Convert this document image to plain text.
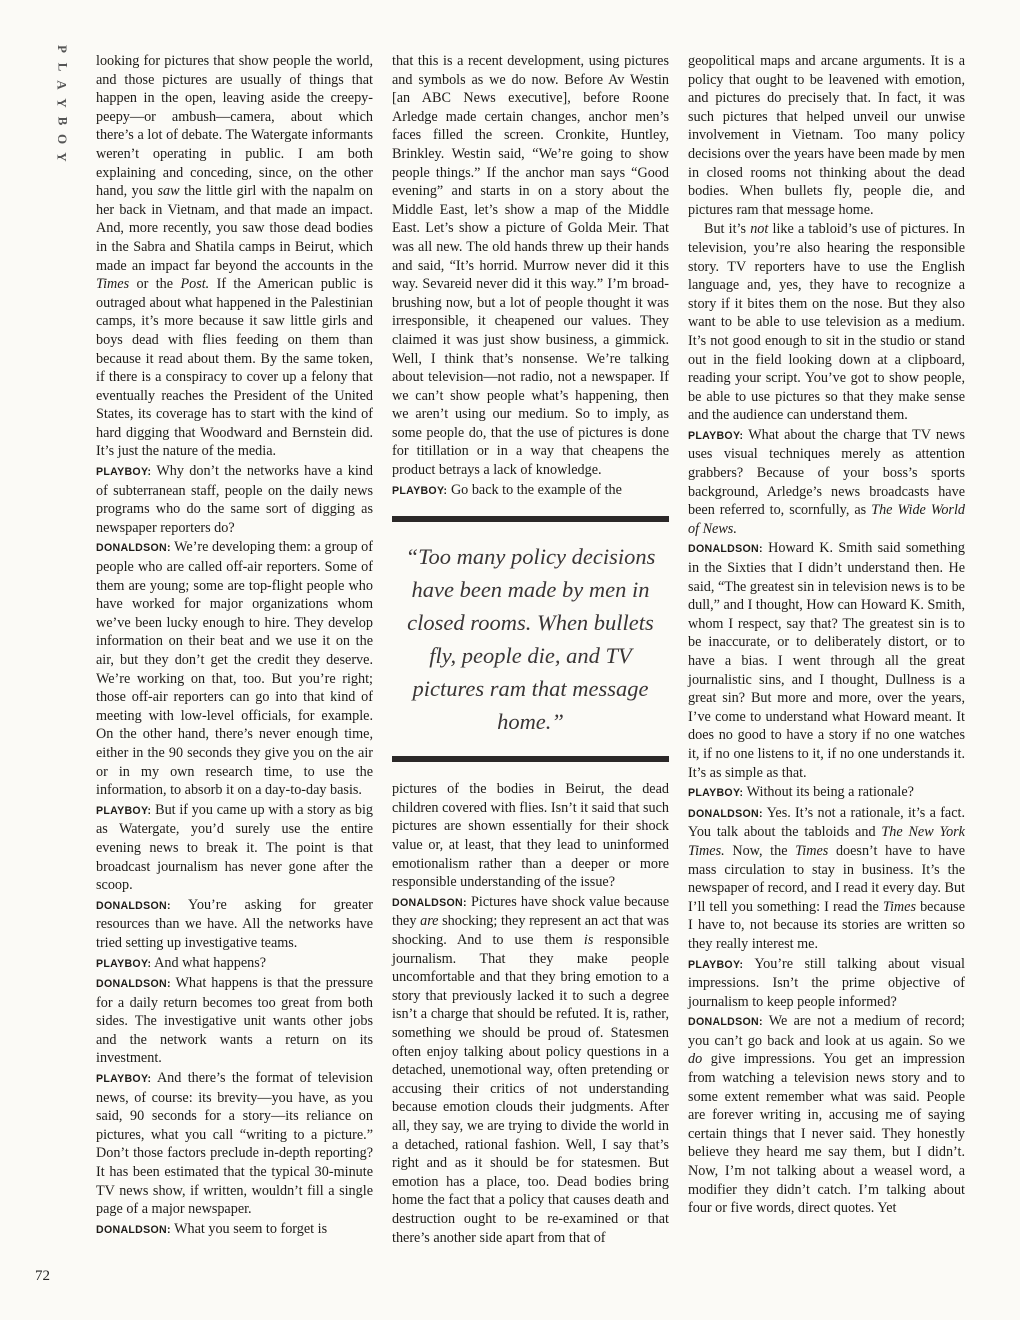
P
L
A
Y
B
O
Y
72

looking for pictures that show people the world, and those pictures are usually of things that happen in the open, leaving aside the creepy-peepy—or ambush—camera, about which there’s a lot of debate. The Watergate informants weren’t operating in public. I am both explaining and conceding, since, on the other hand, you saw the little girl with the napalm on her back in Vietnam, and that made an impact. And, more recently, you saw those dead bodies in the Sabra and Shatila camps in Beirut, which made an impact far beyond the accounts in the Times or the Post. If the American public is outraged about what happened in the Palestinian camps, it’s more because it saw little girls and boys dead with flies feeding on them than because it read about them. By the same token, if there is a conspiracy to cover up a felony that eventually reaches the President of the United States, its coverage has to start with the kind of hard digging that Woodward and Bernstein did. It’s just the nature of the media.

PLAYBOY: Why don’t the networks have a kind of subterranean staff, people on the daily news programs who do the same sort of digging as newspaper reporters do?

DONALDSON: We’re developing them: a group of people who are called off-air reporters. Some of them are young; some are top-flight people who have worked for major organizations whom we’ve been lucky enough to hire. They develop information on their beat and we use it on the air, but they don’t get the credit they deserve. We’re working on that, too. But you’re right; those off-air reporters can go into that kind of meeting with low-level officials, for example. On the other hand, there’s never enough time, either in the 90 seconds they give you on the air or in my own research time, to use the information, to absorb it on a day-to-day basis.

PLAYBOY: But if you came up with a story as big as Watergate, you’d surely use the entire evening news to break it. The point is that broadcast journalism has never gone after the scoop.

DONALDSON: You’re asking for greater resources than we have. All the networks have tried setting up investigative teams.

PLAYBOY: And what happens?

DONALDSON: What happens is that the pressure for a daily return becomes too great from both sides. The investigative unit wants other jobs and the network wants a return on its investment.

PLAYBOY: And there’s the format of television news, of course: its brevity—you have, as you said, 90 seconds for a story—its reliance on pictures, what you call “writing to a picture.” Don’t those factors preclude in-depth reporting? It has been estimated that the typical 30-minute TV news show, if written, wouldn’t fill a single page of a major newspaper.

DONALDSON: What you seem to forget is

that this is a recent development, using pictures and symbols as we do now. Before Av Westin [an ABC News executive], before Roone Arledge made certain changes, anchor men’s faces filled the screen. Cronkite, Huntley, Brinkley. Westin said, “We’re going to show people things.” If the anchor man says “Good evening” and starts in on a story about the Middle East, let’s show a map of the Middle East. Let’s show a picture of Golda Meir. That was all new. The old hands threw up their hands and said, “It’s horrid. Murrow never did it this way. Sevareid never did it this way.” I’m broad-brushing now, but a lot of people thought it was irresponsible, it cheapened our values. They claimed it was just show business, a gimmick. Well, I think that’s nonsense. We’re talking about television—not radio, not a newspaper. If we can’t show people what’s happening, then we aren’t using our medium. So to imply, as some people do, that the use of pictures is done for titillation or in a way that cheapens the product betrays a lack of knowledge.

PLAYBOY: Go back to the example of the

“Too many policy decisions have been made by men in closed rooms. When bullets fly, people die, and TV pictures ram that message home.”

pictures of the bodies in Beirut, the dead children covered with flies. Isn’t it said that such pictures are shown essentially for their shock value or, at least, that they lead to uninformed emotionalism rather than a deeper or more responsible understanding of the issue?

DONALDSON: Pictures have shock value because they are shocking; they represent an act that was shocking. And to use them is responsible journalism. That they make people uncomfortable and that they bring emotion to a story that previously lacked it to such a degree isn’t a charge that should be refuted. It is, rather, something we should be proud of. Statesmen often enjoy talking about policy questions in a detached, unemotional way, often pretending or accusing their critics of not understanding because emotion clouds their judgments. After all, they say, we are trying to divide the world in a detached, rational fashion. Well, I say that’s right and as it should be for statesmen. But emotion has a place, too. Dead bodies bring home the fact that a policy that causes death and destruction ought to be re-examined or that there’s another side apart from that of

geopolitical maps and arcane arguments. It is a policy that ought to be leavened with emotion, and pictures do precisely that. In fact, it was such pictures that helped unveil our unwise involvement in Vietnam. Too many policy decisions over the years have been made by men in closed rooms not thinking about the dead bodies. When bullets fly, people die, and pictures ram that message home.

But it’s not like a tabloid’s use of pictures. In television, you’re also hearing the responsible story. TV reporters have to use the English language and, yes, they have to recognize a story if it bites them on the nose. But they also want to be able to use television as a medium. It’s not good enough to sit in the studio or stand out in the field looking down at a clipboard, reading your script. You’ve got to show people, be able to use pictures so that they make sense and the audience can understand them.

PLAYBOY: What about the charge that TV news uses visual techniques merely as attention grabbers? Because of your boss’s sports background, Arledge’s news broadcasts have been referred to, scornfully, as The Wide World of News.

DONALDSON: Howard K. Smith said something in the Sixties that I didn’t understand then. He said, “The greatest sin in television news is to be dull,” and I thought, How can Howard K. Smith, whom I respect, say that? The greatest sin is to be inaccurate, or to deliberately distort, or to have a bias. I went through all the great journalistic sins, and I thought, Dullness is a great sin? But more and more, over the years, I’ve come to understand what Howard meant. It does no good to have a story if no one watches it, if no one listens to it, if no one understands it. It’s as simple as that.

PLAYBOY: Without its being a rationale?

DONALDSON: Yes. It’s not a rationale, it’s a fact. You talk about the tabloids and The New York Times. Now, the Times doesn’t have to have mass circulation to stay in business. It’s the newspaper of record, and I read it every day. But I’ll tell you something: I read the Times because I have to, not because its stories are written so they really interest me.

PLAYBOY: You’re still talking about visual impressions. Isn’t the prime objective of journalism to keep people informed?

DONALDSON: We are not a medium of record; you can’t go back and look at us again. So we do give impressions. You get an impression from watching a television news story and to some extent remember what was said. People are forever writing in, accusing me of saying certain things that I never said. They honestly believe they heard me say them, but I didn’t. Now, I’m not talking about a weasel word, a modifier they didn’t catch. I’m talking about four or five words, direct quotes. Yet
